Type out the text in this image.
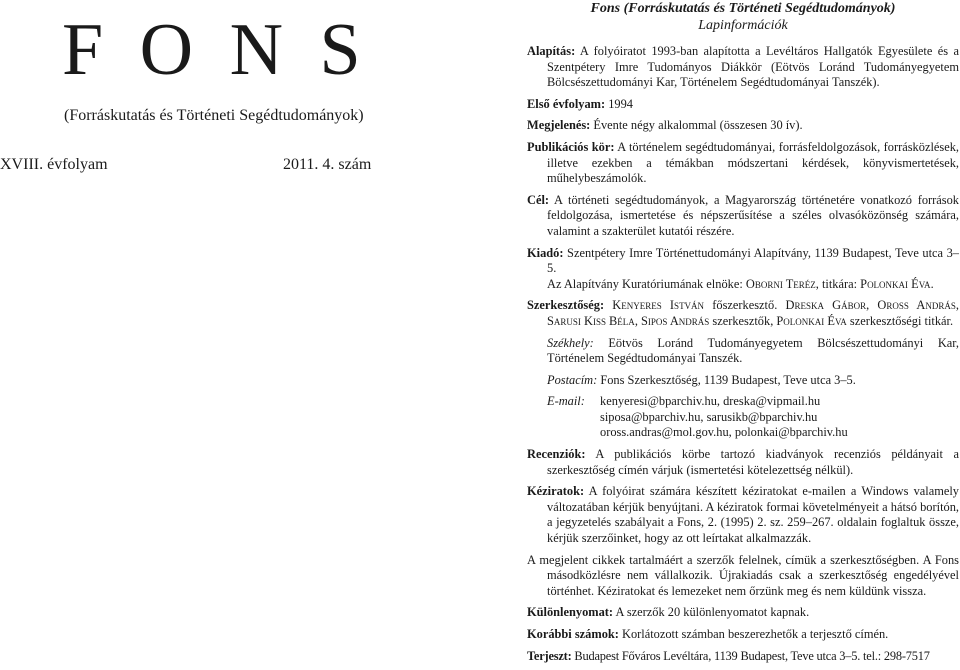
F O N S
(Forráskutatás és Történeti Segédtudományok)
XVIII. évfolyam	2011. 4. szám
Fons (Forráskutatás és Történeti Segédtudományok)
Lapinformációk

Alapítás: A folyóiratot 1993-ban alapította a Levéltáros Hallgatók Egyesülete és a Szentpétery Imre Tudományos Diákkör (Eötvös Loránd Tudományegyetem Bölcsészettudományi Kar, Történelem Segédtudományai Tanszék).

Első évfolyam: 1994

Megjelenés: Évente négy alkalommal (összesen 30 ív).

Publikációs kör: A történelem segédtudományai, forrásfeldolgozások, forrásközlések, illetve ezekben a témákban módszertani kérdések, könyvismertetések, műhelybeszámolók.

Cél: A történeti segédtudományok, a Magyarország történetére vonatkozó források feldolgozása, ismertetése és népszerűsítése a széles olvasóközönség számára, valamint a szakterület kutatói részére.

Kiadó: Szentpétery Imre Történettudományi Alapítvány, 1139 Budapest, Teve utca 3–5.
Az Alapítvány Kuratóriumának elnöke: Oborni Teréz, titkára: Polonkai Éva.

Szerkesztőség: Kenyeres István főszerkesztő. Dreska Gábor, Oross András, Sarusi Kiss Béla, Sipos András szerkesztők, Polonkai Éva szerkesztőségi titkár.

Székhely: Eötvös Loránd Tudományegyetem Bölcsészettudományi Kar, Történelem Segédtudományai Tanszék.

Postacím: Fons Szerkesztőség, 1139 Budapest, Teve utca 3–5.

E-mail:	kenyeresi@bparchiv.hu, dreska@vipmail.hu
siposa@bparchiv.hu, sarusikb@bparchiv.hu
oross.andras@mol.gov.hu, polonkai@bparchiv.hu

Recenziók: A publikációs körbe tartozó kiadványok recenziós példányait a szerkesztőség címén várjuk (ismertetési kötelezettség nélkül).

Kéziratok: A folyóirat számára készített kéziratokat e-mailen a Windows valamely változatában kérjük benyújtani. A kéziratok formai követelményeit a hátsó borítón, a jegyzetelés szabályait a Fons, 2. (1995) 2. sz. 259–267. oldalain foglaltuk össze, kérjük szerzőinket, hogy az ott leírtakat alkalmazzák.

A megjelent cikkek tartalmáért a szerzők felelnek, címük a szerkesztőségben. A Fons másodközlésre nem vállalkozik. Újrakiadás csak a szerkesztőség engedélyével történhet. Kéziratokat és lemezeket nem őrzünk meg és nem küldünk vissza.

Különlenyomat: A szerzők 20 különlenyomatot kapnak.

Korábbi számok: Korlátozott számban beszerezhetők a terjesztő címén.

Terjeszt: Budapest Főváros Levéltára, 1139 Budapest, Teve utca 3–5. tel.: 298-7517
